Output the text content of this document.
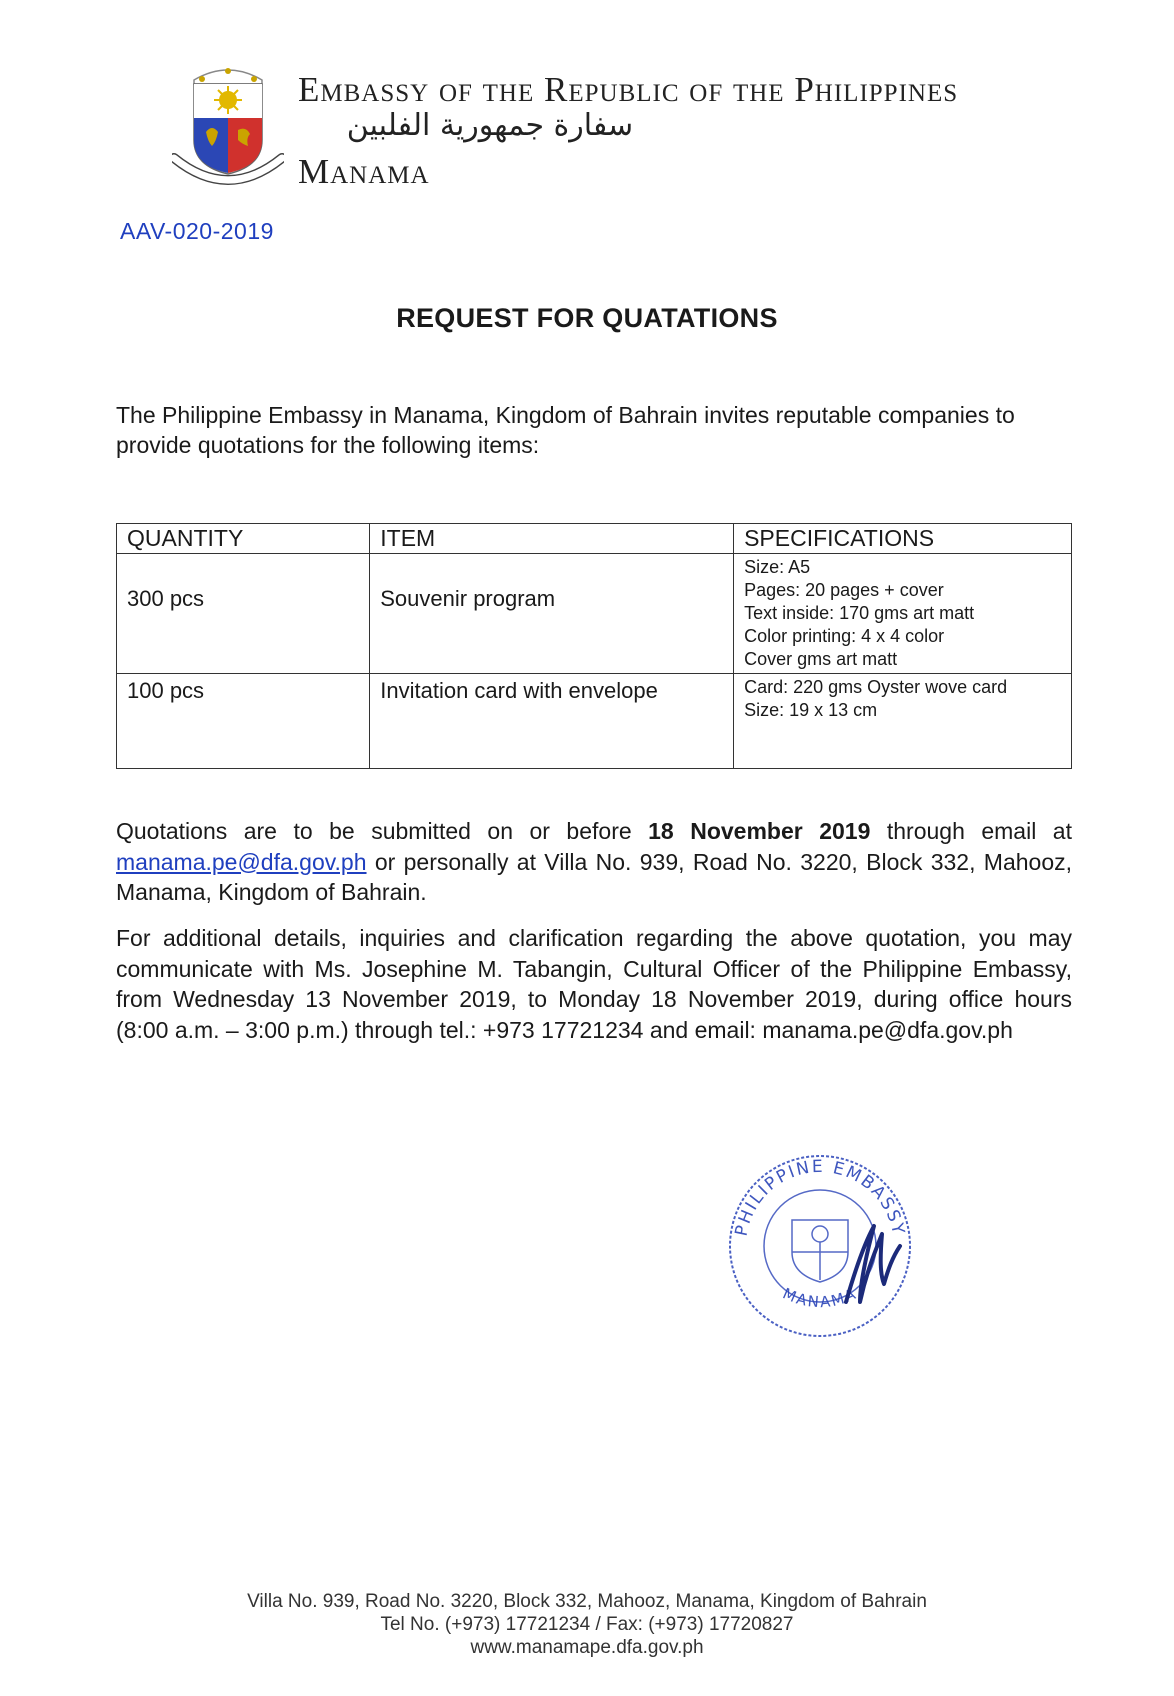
Embassy of the Republic of the Philippines
سفارة جمهورية الفلبين
Manama
AAV-020-2019
REQUEST FOR QUATATIONS
The Philippine Embassy in Manama, Kingdom of Bahrain invites reputable companies to provide quotations for the following items:
QUANTITY	ITEM	SPECIFICATIONS
300 pcs	Souvenir program	Size: A5
Pages: 20 pages + cover
Text inside: 170 gms art matt
Color printing: 4 x 4 color
Cover gms art matt

100 pcs	Invitation card with envelope	Card: 220 gms Oyster wove card
Size: 19 x 13 cm
Quotations are to be submitted on or before 18 November 2019 through email at manama.pe@dfa.gov.ph or personally at Villa No. 939, Road No. 3220, Block 332, Mahooz, Manama, Kingdom of Bahrain.
For additional details, inquiries and clarification regarding the above quotation, you may communicate with Ms. Josephine M. Tabangin, Cultural Officer of the Philippine Embassy, from Wednesday 13 November 2019, to Monday 18 November 2019, during office hours (8:00 a.m. – 3:00 p.m.) through tel.: +973 17721234 and email: manama.pe@dfa.gov.ph
PHILIPPINE EMBASSY
MANAMA
Villa No. 939, Road No. 3220, Block 332, Mahooz, Manama, Kingdom of Bahrain
Tel No. (+973) 17721234 / Fax: (+973) 17720827
www.manamape.dfa.gov.ph
